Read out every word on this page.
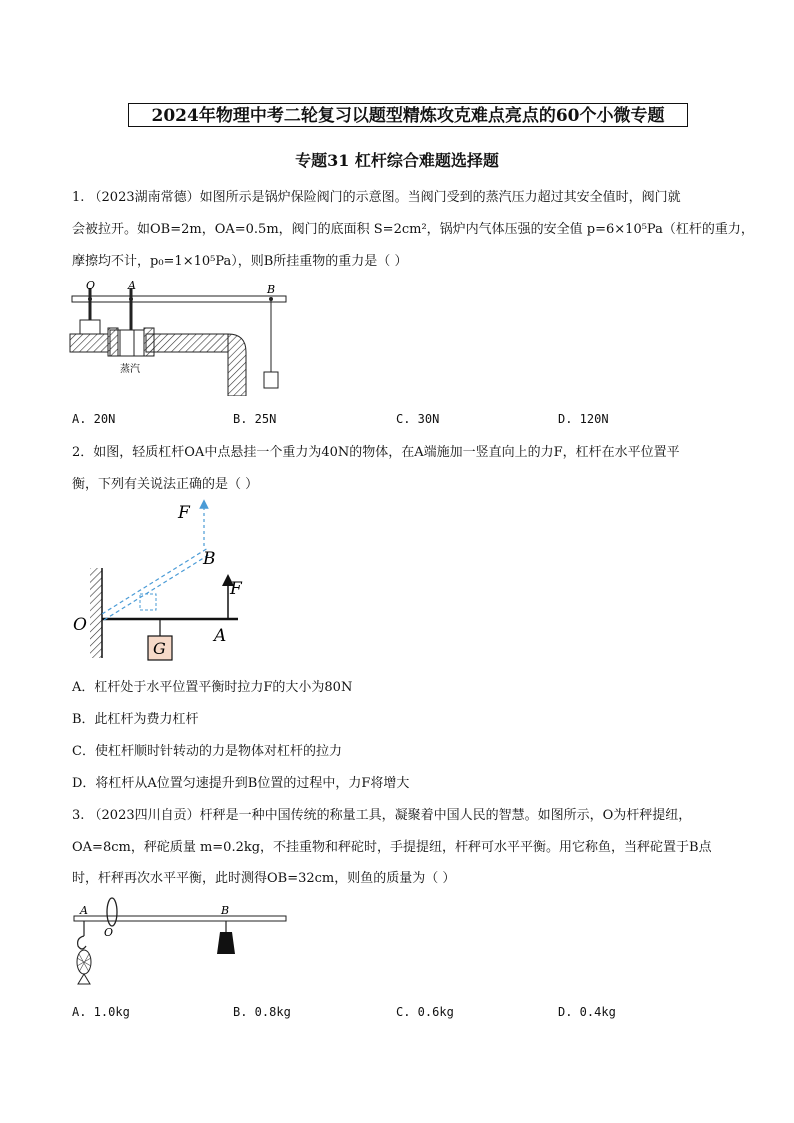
2024年物理中考二轮复习以题型精炼攻克难点亮点的60个小微专题
专题31 杠杆综合难题选择题
1. （2023湖南常德）如图所示是锅炉保险阀门的示意图。当阀门受到的蒸汽压力超过其安全值时，阀门就
会被拉开。如OB=2m，OA=0.5m，阀门的底面积 S=2cm²，锅炉内气体压强的安全值 p=6×10⁵Pa（杠杆的重力，
摩擦均不计，p₀=1×10⁵Pa），则B所挂重物的重力是（ ）
O	A	B
蒸汽
A. 20N	B. 25N	C. 30N	D. 120N
2．如图，轻质杠杆OA中点悬挂一个重力为40N的物体，在A端施加一竖直向上的力F，杠杆在水平位置平
衡，下列有关说法正确的是（ ）
F
B
F
O
A
G
A．杠杆处于水平位置平衡时拉力F的大小为80N
B．此杠杆为费力杠杆
C．使杠杆顺时针转动的力是物体对杠杆的拉力
D．将杠杆从A位置匀速提升到B位置的过程中，力F将增大
3. （2023四川自贡）杆秤是一种中国传统的称量工具，凝聚着中国人民的智慧。如图所示，O为杆秤提纽，
OA=8cm，秤砣质量 m=0.2kg，不挂重物和秤砣时，手提提纽，杆秤可水平平衡。用它称鱼，当秤砣置于B点
时，杆秤再次水平平衡，此时测得OB=32cm，则鱼的质量为（ ）
A
O
B
A. 1.0kg	B. 0.8kg	C. 0.6kg	D. 0.4kg
